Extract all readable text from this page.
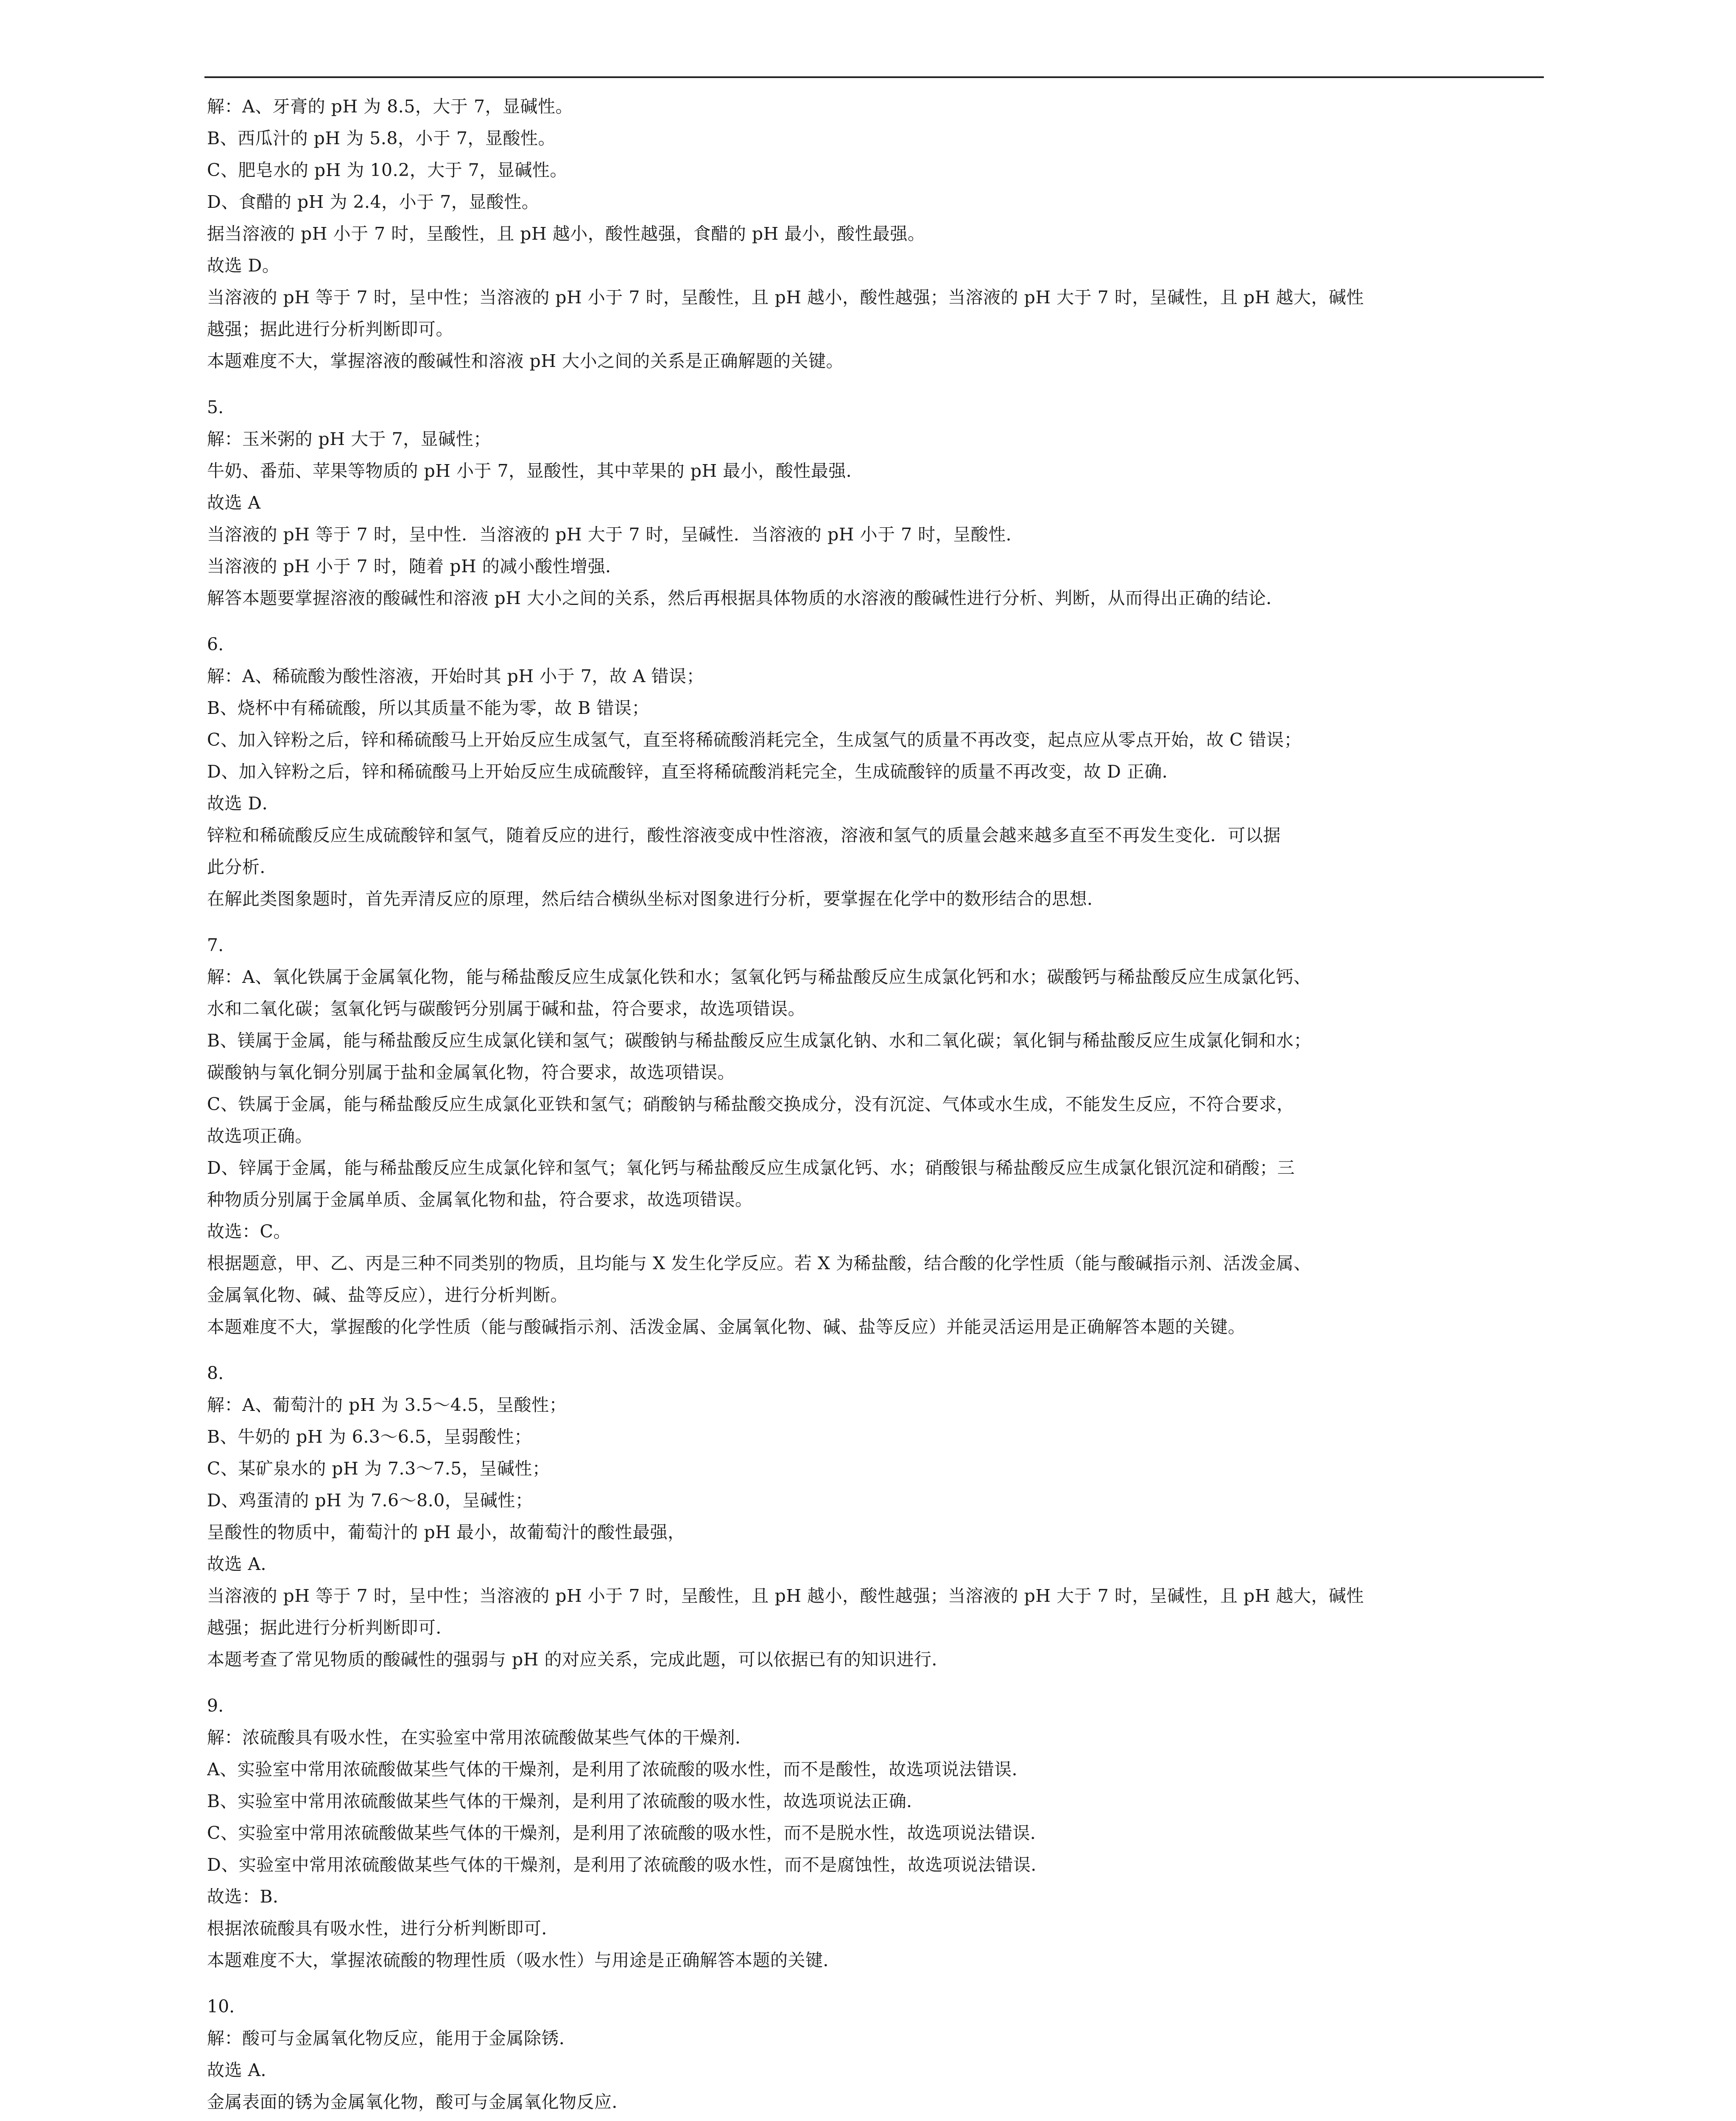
解：A、牙膏的 pH 为 8.5，大于 7，显碱性。
B、西瓜汁的 pH 为 5.8，小于 7，显酸性。
C、肥皂水的 pH 为 10.2，大于 7，显碱性。
D、食醋的 pH 为 2.4，小于 7，显酸性。
据当溶液的 pH 小于 7 时，呈酸性，且 pH 越小，酸性越强，食醋的 pH 最小，酸性最强。
故选 D。
当溶液的 pH 等于 7 时，呈中性；当溶液的 pH 小于 7 时，呈酸性，且 pH 越小，酸性越强；当溶液的 pH 大于 7 时，呈碱性，且 pH 越大，碱性
越强；据此进行分析判断即可。
本题难度不大，掌握溶液的酸碱性和溶液 pH 大小之间的关系是正确解题的关键。
5.
解：玉米粥的 pH 大于 7，显碱性；
牛奶、番茄、苹果等物质的 pH 小于 7，显酸性，其中苹果的 pH 最小，酸性最强．
故选 A
当溶液的 pH 等于 7 时，呈中性．当溶液的 pH 大于 7 时，呈碱性．当溶液的 pH 小于 7 时，呈酸性．
当溶液的 pH 小于 7 时，随着 pH 的减小酸性增强．
解答本题要掌握溶液的酸碱性和溶液 pH 大小之间的关系，然后再根据具体物质的水溶液的酸碱性进行分析、判断，从而得出正确的结论．
6.
解：A、稀硫酸为酸性溶液，开始时其 pH 小于 7，故 A 错误；
B、烧杯中有稀硫酸，所以其质量不能为零，故 B 错误；
C、加入锌粉之后，锌和稀硫酸马上开始反应生成氢气，直至将稀硫酸消耗完全，生成氢气的质量不再改变，起点应从零点开始，故 C 错误；
D、加入锌粉之后，锌和稀硫酸马上开始反应生成硫酸锌，直至将稀硫酸消耗完全，生成硫酸锌的质量不再改变，故 D 正确．
故选 D．
锌粒和稀硫酸反应生成硫酸锌和氢气，随着反应的进行，酸性溶液变成中性溶液，溶液和氢气的质量会越来越多直至不再发生变化．可以据
此分析．
在解此类图象题时，首先弄清反应的原理，然后结合横纵坐标对图象进行分析，要掌握在化学中的数形结合的思想．
7.
解：A、氧化铁属于金属氧化物，能与稀盐酸反应生成氯化铁和水；氢氧化钙与稀盐酸反应生成氯化钙和水；碳酸钙与稀盐酸反应生成氯化钙、
水和二氧化碳；氢氧化钙与碳酸钙分别属于碱和盐，符合要求，故选项错误。
B、镁属于金属，能与稀盐酸反应生成氯化镁和氢气；碳酸钠与稀盐酸反应生成氯化钠、水和二氧化碳；氧化铜与稀盐酸反应生成氯化铜和水；
碳酸钠与氧化铜分别属于盐和金属氧化物，符合要求，故选项错误。
C、铁属于金属，能与稀盐酸反应生成氯化亚铁和氢气；硝酸钠与稀盐酸交换成分，没有沉淀、气体或水生成，不能发生反应，不符合要求，
故选项正确。
D、锌属于金属，能与稀盐酸反应生成氯化锌和氢气；氧化钙与稀盐酸反应生成氯化钙、水；硝酸银与稀盐酸反应生成氯化银沉淀和硝酸；三
种物质分别属于金属单质、金属氧化物和盐，符合要求，故选项错误。
故选：C。
根据题意，甲、乙、丙是三种不同类别的物质，且均能与 X 发生化学反应。若 X 为稀盐酸，结合酸的化学性质（能与酸碱指示剂、活泼金属、
金属氧化物、碱、盐等反应），进行分析判断。
本题难度不大，掌握酸的化学性质（能与酸碱指示剂、活泼金属、金属氧化物、碱、盐等反应）并能灵活运用是正确解答本题的关键。
8.
解：A、葡萄汁的 pH 为 3.5～4.5，呈酸性；
B、牛奶的 pH 为 6.3～6.5，呈弱酸性；
C、某矿泉水的 pH 为 7.3～7.5，呈碱性；
D、鸡蛋清的 pH 为 7.6～8.0，呈碱性；
呈酸性的物质中，葡萄汁的 pH 最小，故葡萄汁的酸性最强，
故选 A．
当溶液的 pH 等于 7 时，呈中性；当溶液的 pH 小于 7 时，呈酸性，且 pH 越小，酸性越强；当溶液的 pH 大于 7 时，呈碱性，且 pH 越大，碱性
越强；据此进行分析判断即可．
本题考查了常见物质的酸碱性的强弱与 pH 的对应关系，完成此题，可以依据已有的知识进行．
9.
解：浓硫酸具有吸水性，在实验室中常用浓硫酸做某些气体的干燥剂．
A、实验室中常用浓硫酸做某些气体的干燥剂，是利用了浓硫酸的吸水性，而不是酸性，故选项说法错误．
B、实验室中常用浓硫酸做某些气体的干燥剂，是利用了浓硫酸的吸水性，故选项说法正确．
C、实验室中常用浓硫酸做某些气体的干燥剂，是利用了浓硫酸的吸水性，而不是脱水性，故选项说法错误．
D、实验室中常用浓硫酸做某些气体的干燥剂，是利用了浓硫酸的吸水性，而不是腐蚀性，故选项说法错误．
故选：B．
根据浓硫酸具有吸水性，进行分析判断即可．
本题难度不大，掌握浓硫酸的物理性质（吸水性）与用途是正确解答本题的关键．
10.
解：酸可与金属氧化物反应，能用于金属除锈．
故选 A．
金属表面的锈为金属氧化物，酸可与金属氧化物反应．
